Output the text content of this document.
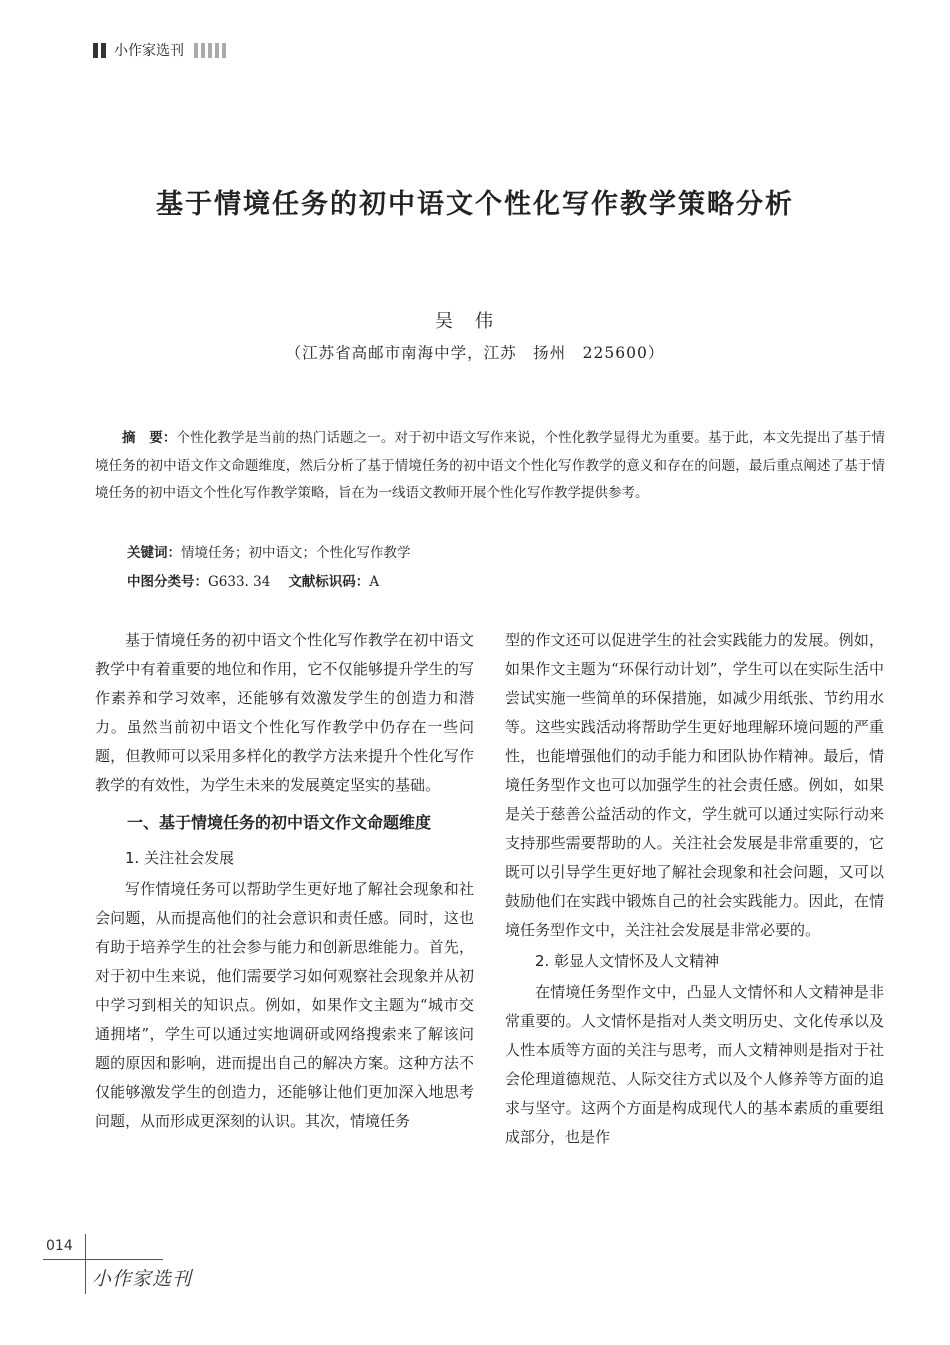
小作家选刊
基于情境任务的初中语文个性化写作教学策略分析
吴伟
（江苏省高邮市南海中学，江苏　扬州　225600）
摘　要：个性化教学是当前的热门话题之一。对于初中语文写作来说，个性化教学显得尤为重要。基于此，本文先提出了基于情境任务的初中语文作文命题维度，然后分析了基于情境任务的初中语文个性化写作教学的意义和存在的问题，最后重点阐述了基于情境任务的初中语文个性化写作教学策略，旨在为一线语文教师开展个性化写作教学提供参考。
关键词：情境任务；初中语文；个性化写作教学
中图分类号：G633. 34 文献标识码：A

基于情境任务的初中语文个性化写作教学在初中语文教学中有着重要的地位和作用，它不仅能够提升学生的写作素养和学习效率，还能够有效激发学生的创造力和潜力。虽然当前初中语文个性化写作教学中仍存在一些问题，但教师可以采用多样化的教学方法来提升个性化写作教学的有效性，为学生未来的发展奠定坚实的基础。

一、基于情境任务的初中语文作文命题维度
1. 关注社会发展

写作情境任务可以帮助学生更好地了解社会现象和社会问题，从而提高他们的社会意识和责任感。同时，这也有助于培养学生的社会参与能力和创新思维能力。首先，对于初中生来说，他们需要学习如何观察社会现象并从初中学习到相关的知识点。例如，如果作文主题为“城市交通拥堵”，学生可以通过实地调研或网络搜索来了解该问题的原因和影响，进而提出自己的解决方案。这种方法不仅能够激发学生的创造力，还能够让他们更加深入地思考问题，从而形成更深刻的认识。其次，情境任务

型的作文还可以促进学生的社会实践能力的发展。例如，如果作文主题为“环保行动计划”，学生可以在实际生活中尝试实施一些简单的环保措施，如减少用纸张、节约用水等。这些实践活动将帮助学生更好地理解环境问题的严重性，也能增强他们的动手能力和团队协作精神。最后，情境任务型作文也可以加强学生的社会责任感。例如，如果是关于慈善公益活动的作文，学生就可以通过实际行动来支持那些需要帮助的人。关注社会发展是非常重要的，它既可以引导学生更好地了解社会现象和社会问题，又可以鼓励他们在实践中锻炼自己的社会实践能力。因此，在情境任务型作文中，关注社会发展是非常必要的。

2. 彰显人文情怀及人文精神

在情境任务型作文中，凸显人文情怀和人文精神是非常重要的。人文情怀是指对人类文明历史、文化传承以及人性本质等方面的关注与思考，而人文精神则是指对于社会伦理道德规范、人际交往方式以及个人修养等方面的追求与坚守。这两个方面是构成现代人的基本素质的重要组成部分，也是作

014
小作家选刊
